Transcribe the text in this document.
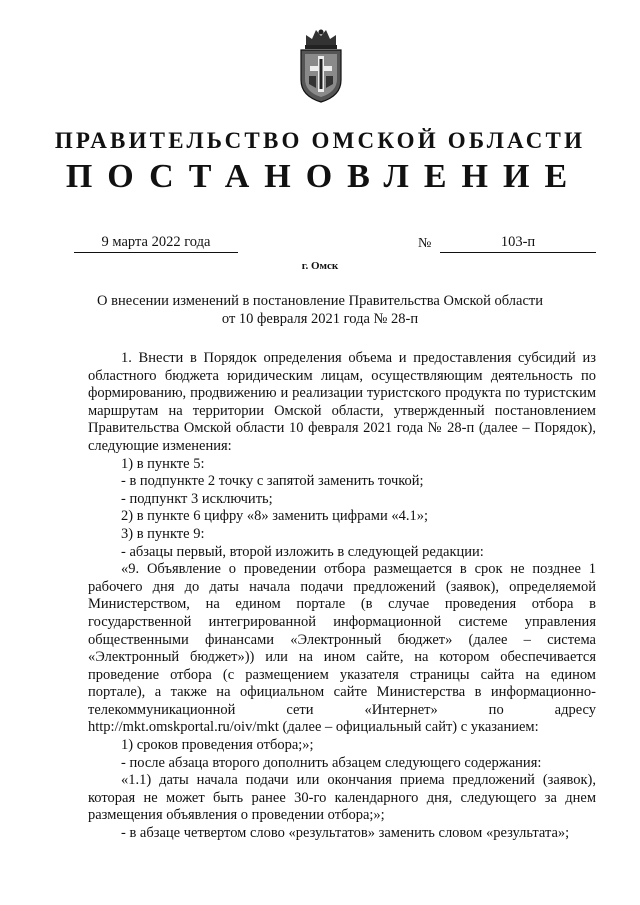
ПРАВИТЕЛЬСТВО ОМСКОЙ ОБЛАСТИ
ПОСТАНОВЛЕНИЕ
9 марта 2022 года	№	103-п
г. Омск
О внесении изменений в постановление Правительства Омской области
от 10 февраля 2021 года № 28-п

1. Внести в Порядок определения объема и предоставления субсидий из областного бюджета юридическим лицам, осуществляющим деятельность по формированию, продвижению и реализации туристского продукта по туристским маршрутам на территории Омской области, утвержденный постановлением Правительства Омской области 10 февраля 2021 года № 28-п (далее – Порядок), следующие изменения:

1) в пункте 5:

- в подпункте 2 точку с запятой заменить точкой;

- подпункт 3 исключить;

2) в пункте 6 цифру «8» заменить цифрами «4.1»;

3) в пункте 9:

- абзацы первый, второй изложить в следующей редакции:

«9. Объявление о проведении отбора размещается в срок не позднее 1 рабочего дня до даты начала подачи предложений (заявок), определяемой Министерством, на едином портале (в случае проведения отбора в государственной интегрированной информационной системе управления общественными финансами «Электронный бюджет» (далее – система «Электронный бюджет»)) или на ином сайте, на котором обеспечивается проведение отбора (с размещением указателя страницы сайта на едином портале), а также на официальном сайте Министерства в информационно-телекоммуникационной сети «Интернет» по адресу http://mkt.omskportal.ru/oiv/mkt (далее – официальный сайт) с указанием:

1) сроков проведения отбора;»;

- после абзаца второго дополнить абзацем следующего содержания:

«1.1) даты начала подачи или окончания приема предложений (заявок), которая не может быть ранее 30-го календарного дня, следующего за днем размещения объявления о проведении отбора;»;

- в абзаце четвертом слово «результатов» заменить словом «результата»;
